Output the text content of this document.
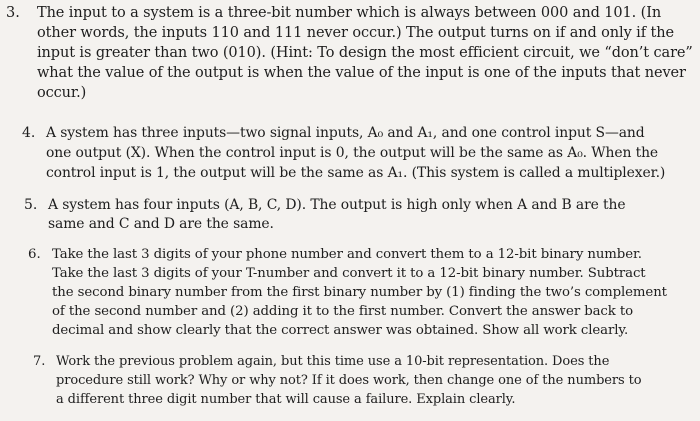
3. The input to a system is a three-bit number which is always between 000 and 101. (In
other words, the inputs 110 and 111 never occur.) The output turns on if and only if the
input is greater than two (010). (Hint: To design the most efficient circuit, we “don’t care”
what the value of the output is when the value of the input is one of the inputs that never
occur.)
4. A system has three inputs—two signal inputs, A₀ and A₁, and one control input S—and
one output (X). When the control input is 0, the output will be the same as A₀. When the
control input is 1, the output will be the same as A₁. (This system is called a multiplexer.)
5. A system has four inputs (A, B, C, D). The output is high only when A and B are the
same and C and D are the same.
6. Take the last 3 digits of your phone number and convert them to a 12-bit binary number.
Take the last 3 digits of your T-number and convert it to a 12-bit binary number. Subtract
the second binary number from the first binary number by (1) finding the two’s complement
of the second number and (2) adding it to the first number. Convert the answer back to
decimal and show clearly that the correct answer was obtained. Show all work clearly.
7. Work the previous problem again, but this time use a 10-bit representation. Does the
procedure still work? Why or why not? If it does work, then change one of the numbers to
a different three digit number that will cause a failure. Explain clearly.
